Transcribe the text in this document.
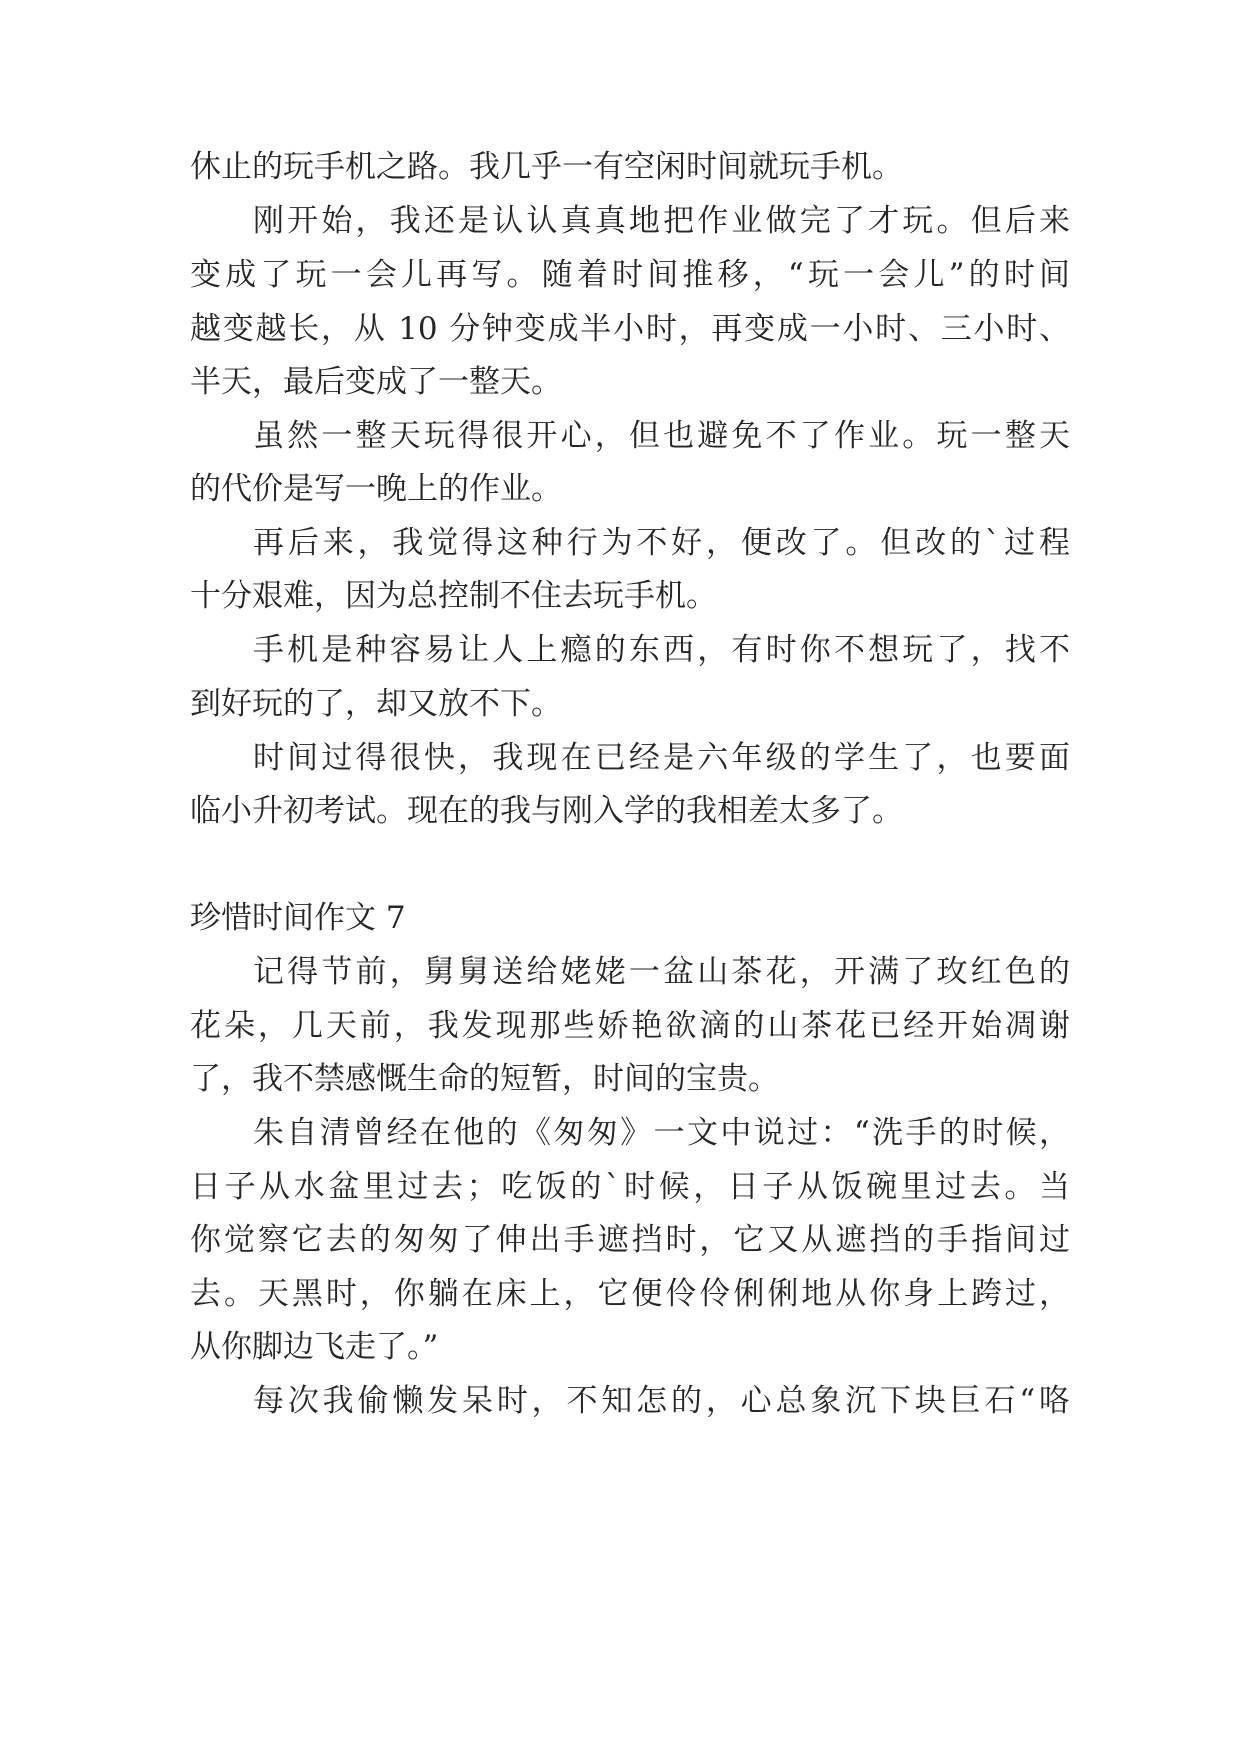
休止的玩手机之路。我几乎一有空闲时间就玩手机。
刚开始，我还是认认真真地把作业做完了才玩。但后来
变成了玩一会儿再写。随着时间推移，“玩一会儿”的时间
越变越长，从 10 分钟变成半小时，再变成一小时、三小时、
半天，最后变成了一整天。
虽然一整天玩得很开心，但也避免不了作业。玩一整天
的代价是写一晚上的作业。
再后来，我觉得这种行为不好，便改了。但改的`过程
十分艰难，因为总控制不住去玩手机。
手机是种容易让人上瘾的东西，有时你不想玩了，找不
到好玩的了，却又放不下。
时间过得很快，我现在已经是六年级的学生了，也要面
临小升初考试。现在的我与刚入学的我相差太多了。
珍惜时间作文 7
记得节前，舅舅送给姥姥一盆山茶花，开满了玫红色的
花朵，几天前，我发现那些娇艳欲滴的山茶花已经开始凋谢
了，我不禁感慨生命的短暂，时间的宝贵。
朱自清曾经在他的《匆匆》一文中说过：“洗手的时候，
日子从水盆里过去；吃饭的`时候，日子从饭碗里过去。当
你觉察它去的匆匆了伸出手遮挡时，它又从遮挡的手指间过
去。天黑时，你躺在床上，它便伶伶俐俐地从你身上跨过，
从你脚边飞走了。”
每次我偷懒发呆时，不知怎的，心总象沉下块巨石“咯
